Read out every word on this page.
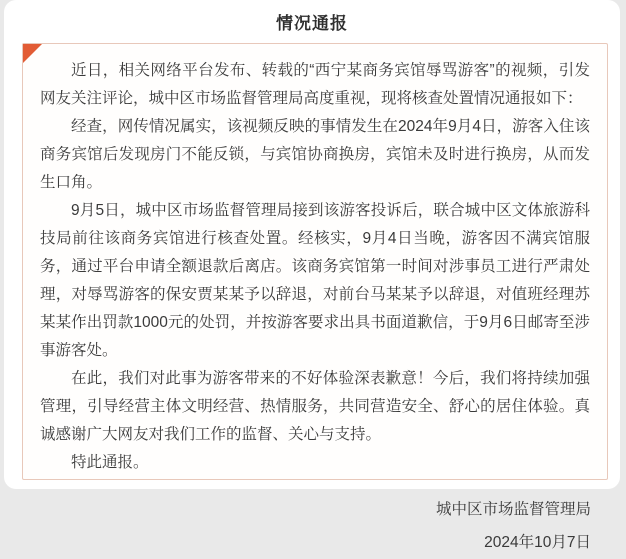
情况通报

近日，相关网络平台发布、转载的“西宁某商务宾馆辱骂游客”的视频，引发网友关注评论，城中区市场监督管理局高度重视，现将核查处置情况通报如下：

经查，网传情况属实，该视频反映的事情发生在2024年9月4日，游客入住该商务宾馆后发现房门不能反锁，与宾馆协商换房，宾馆未及时进行换房，从而发生口角。

9月5日，城中区市场监督管理局接到该游客投诉后，联合城中区文体旅游科技局前往该商务宾馆进行核查处置。经核实，9月4日当晚，游客因不满宾馆服务，通过平台申请全额退款后离店。该商务宾馆第一时间对涉事员工进行严肃处理，对辱骂游客的保安贾某某予以辞退，对前台马某某予以辞退，对值班经理苏某某作出罚款1000元的处罚，并按游客要求出具书面道歉信，于9月6日邮寄至涉事游客处。

在此，我们对此事为游客带来的不好体验深表歉意！今后，我们将持续加强管理，引导经营主体文明经营、热情服务，共同营造安全、舒心的居住体验。真诚感谢广大网友对我们工作的监督、关心与支持。

特此通报。

城中区市场监督管理局
2024年10月7日
